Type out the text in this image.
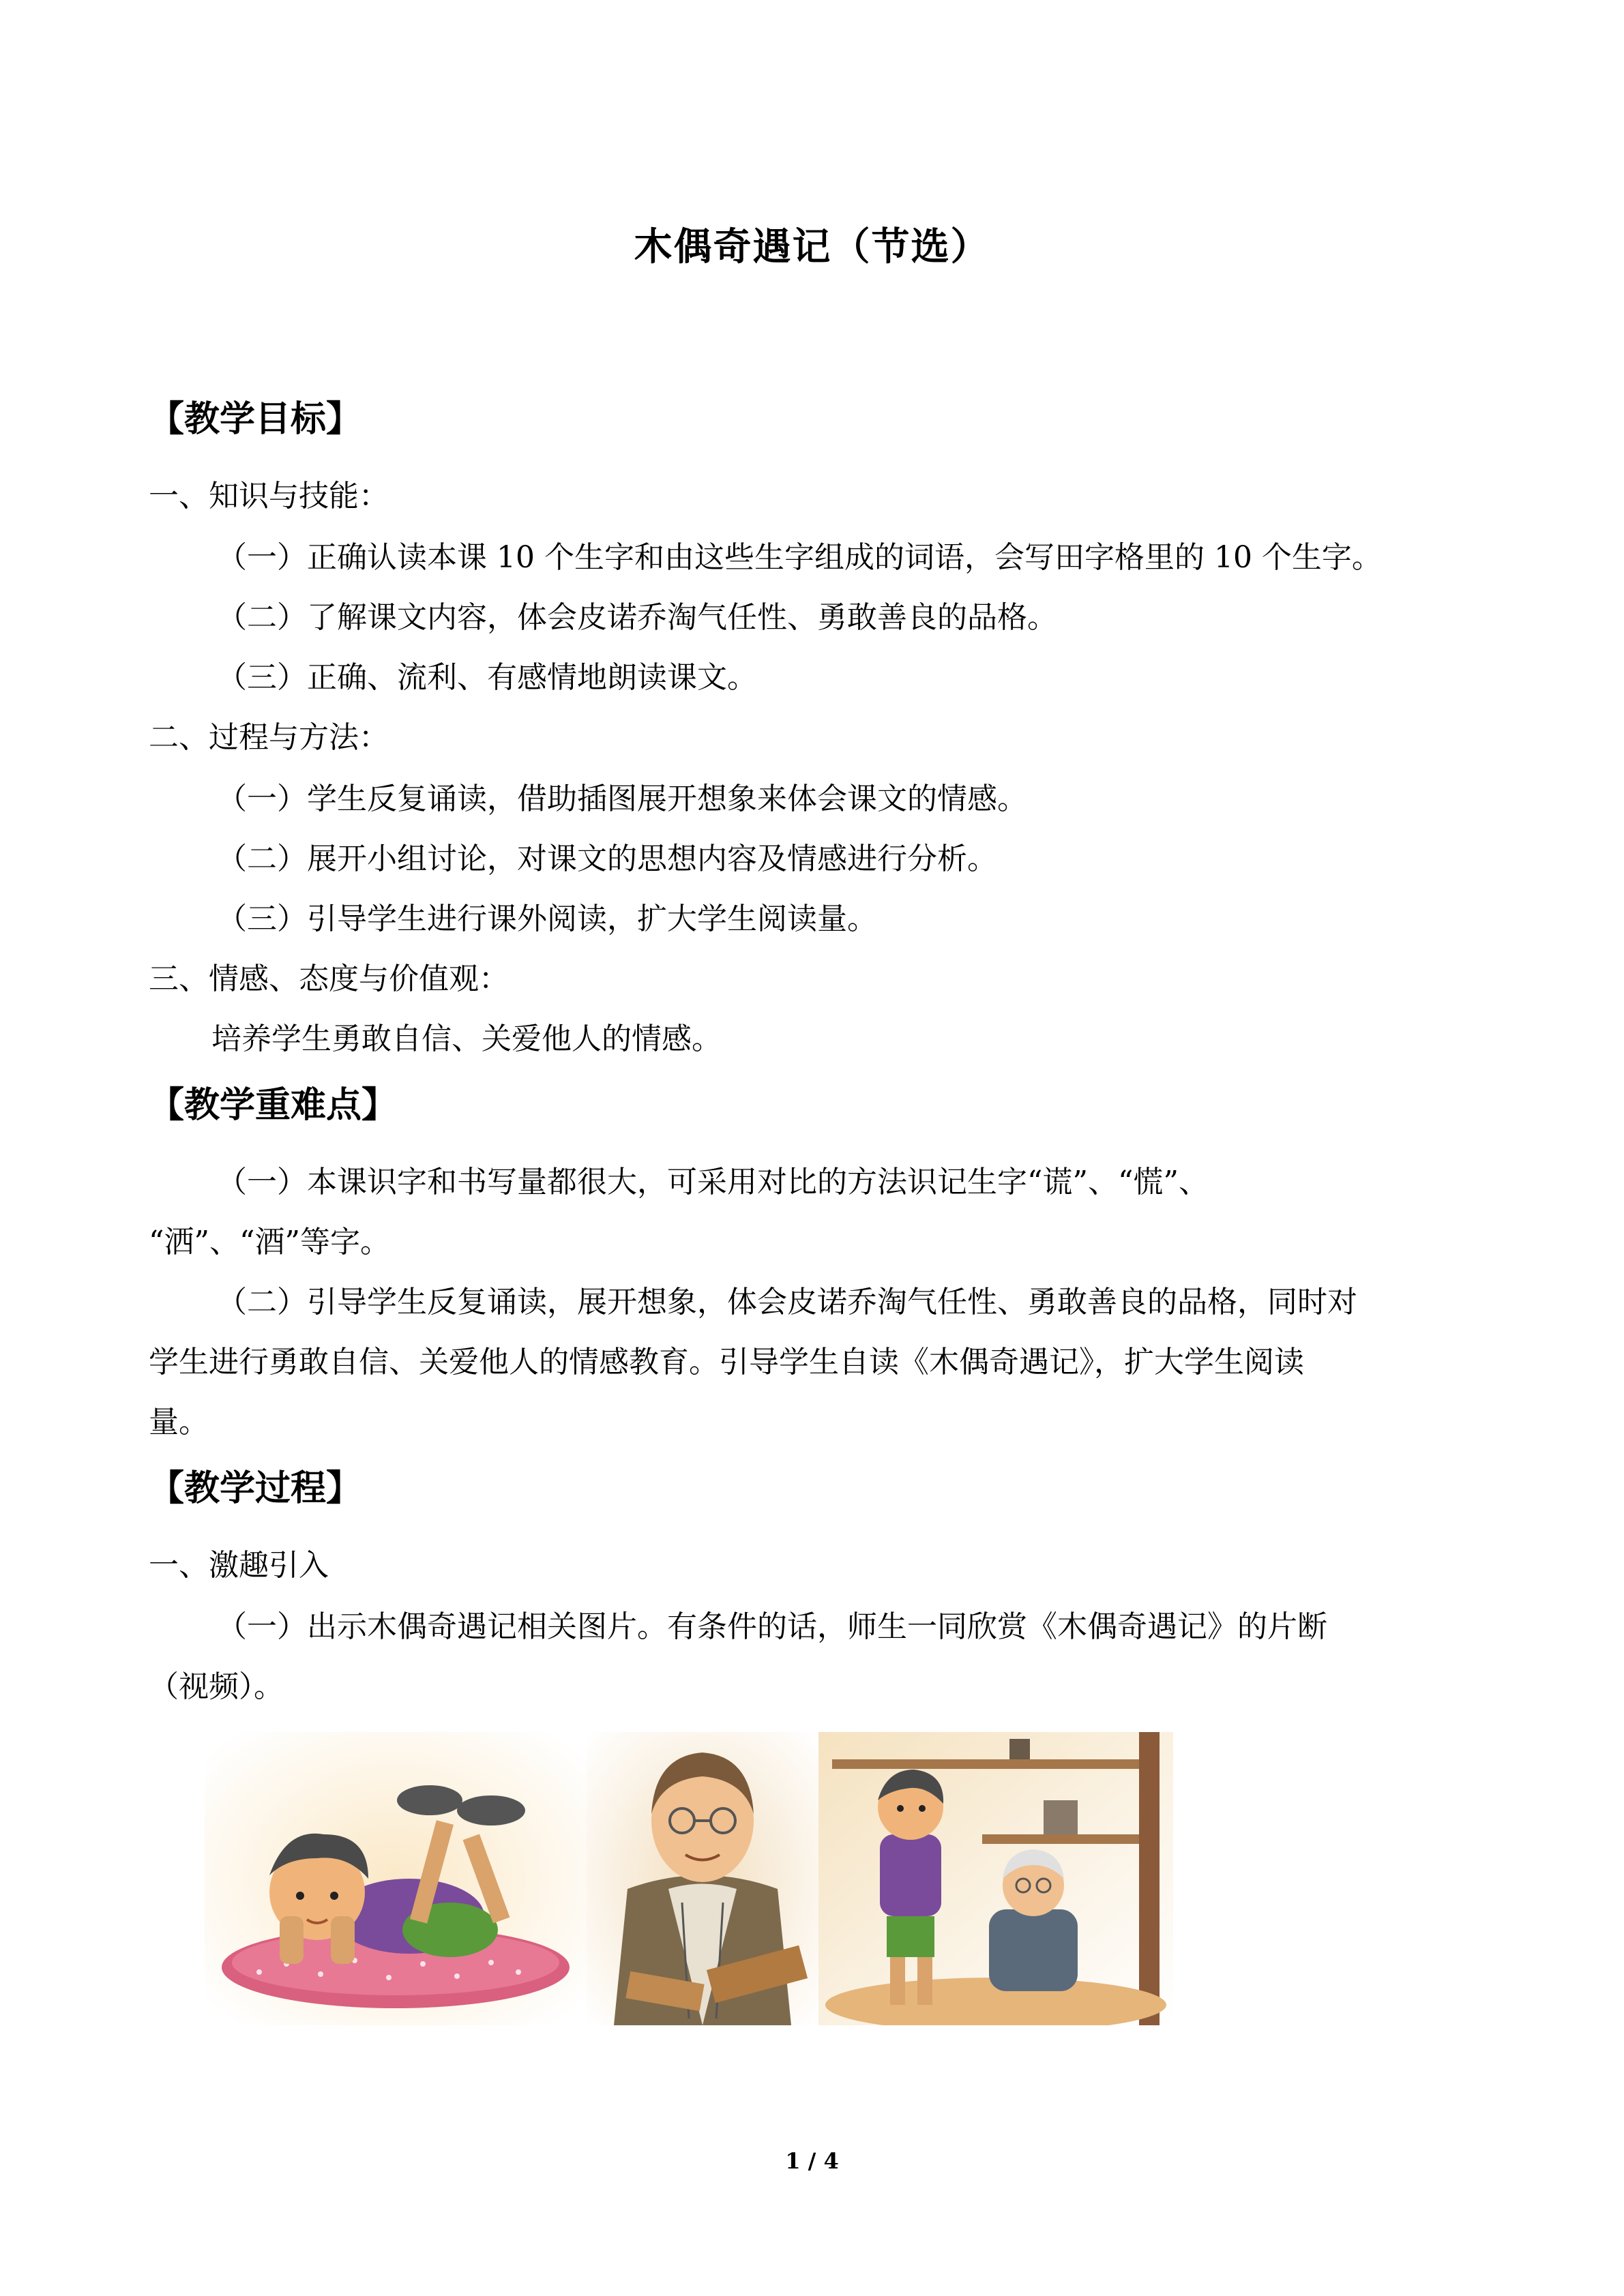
木偶奇遇记（节选）
【教学目标】
一、知识与技能：
（一）正确认读本课 10 个生字和由这些生字组成的词语，会写田字格里的 10 个生字。
（二）了解课文内容，体会皮诺乔淘气任性、勇敢善良的品格。
（三）正确、流利、有感情地朗读课文。
二、过程与方法：
（一）学生反复诵读，借助插图展开想象来体会课文的情感。
（二）展开小组讨论，对课文的思想内容及情感进行分析。
（三）引导学生进行课外阅读，扩大学生阅读量。
三、情感、态度与价值观：
培养学生勇敢自信、关爱他人的情感。
【教学重难点】
（一）本课识字和书写量都很大，可采用对比的方法识记生字“谎”、“慌”、
“洒”、“酒”等字。
（二）引导学生反复诵读，展开想象，体会皮诺乔淘气任性、勇敢善良的品格，同时对
学生进行勇敢自信、关爱他人的情感教育。引导学生自读《木偶奇遇记》，扩大学生阅读
量。
【教学过程】
一、激趣引入
（一）出示木偶奇遇记相关图片。有条件的话，师生一同欣赏《木偶奇遇记》的片断
（视频）。
1 / 4
